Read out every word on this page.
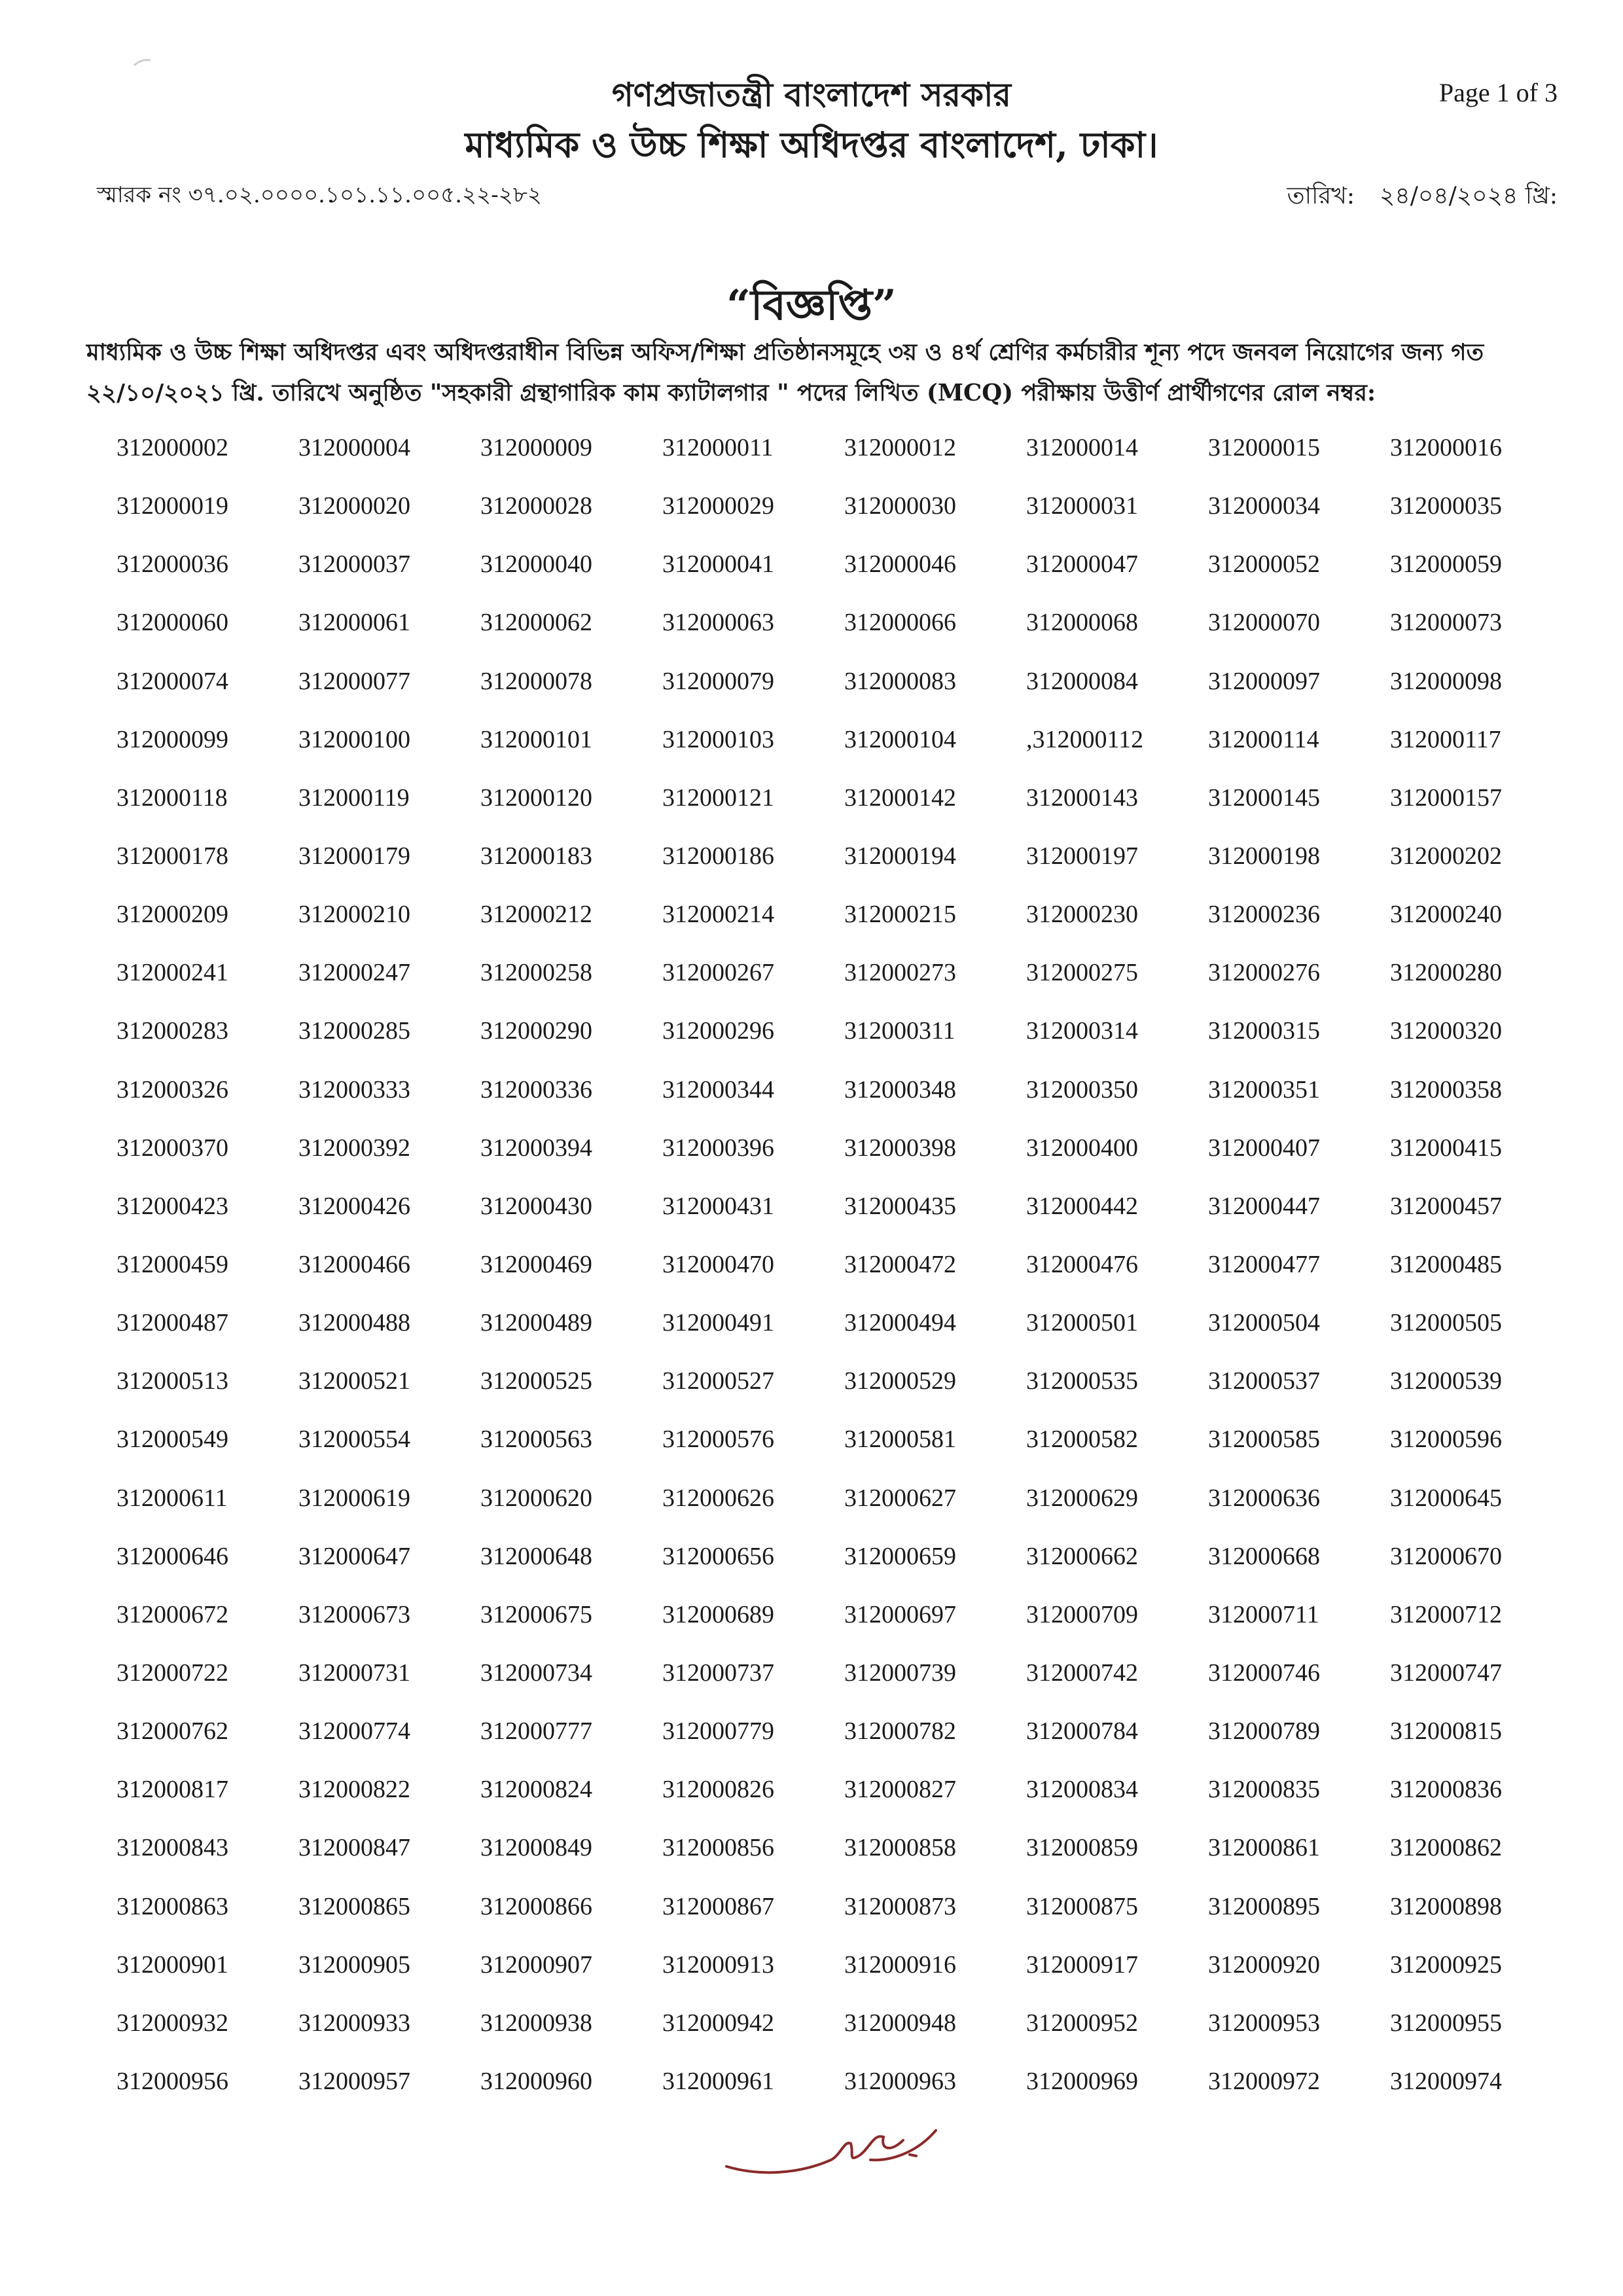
Page 1 of 3
গণপ্রজাতন্ত্রী বাংলাদেশ সরকার
মাধ্যমিক ও উচ্চ শিক্ষা অধিদপ্তর বাংলাদেশ, ঢাকা।
স্মারক নং ৩৭.০২.০০০০.১০১.১১.০০৫.২২-২৮২	তারিখ: ২৪/০৪/২০২৪ খ্রি:
“বিজ্ঞপ্তি”

মাধ্যমিক ও উচ্চ শিক্ষা অধিদপ্তর এবং অধিদপ্তরাধীন বিভিন্ন অফিস/শিক্ষা প্রতিষ্ঠানসমূহে ৩য় ও ৪র্থ শ্রেণির কর্মচারীর শূন্য পদে জনবল নিয়োগের জন্য গত

২২/১০/২০২১ খ্রি. তারিখে অনুষ্ঠিত "সহকারী গ্রন্থাগারিক কাম ক্যাটালগার " পদের লিখিত (MCQ) পরীক্ষায় উত্তীর্ণ প্রার্থীগণের রোল নম্বর:

312000002	312000004	312000009	312000011	312000012	312000014	312000015	312000016
312000019	312000020	312000028	312000029	312000030	312000031	312000034	312000035
312000036	312000037	312000040	312000041	312000046	312000047	312000052	312000059
312000060	312000061	312000062	312000063	312000066	312000068	312000070	312000073
312000074	312000077	312000078	312000079	312000083	312000084	312000097	312000098
312000099	312000100	312000101	312000103	312000104	,312000112	312000114	312000117
312000118	312000119	312000120	312000121	312000142	312000143	312000145	312000157
312000178	312000179	312000183	312000186	312000194	312000197	312000198	312000202
312000209	312000210	312000212	312000214	312000215	312000230	312000236	312000240
312000241	312000247	312000258	312000267	312000273	312000275	312000276	312000280
312000283	312000285	312000290	312000296	312000311	312000314	312000315	312000320
312000326	312000333	312000336	312000344	312000348	312000350	312000351	312000358
312000370	312000392	312000394	312000396	312000398	312000400	312000407	312000415
312000423	312000426	312000430	312000431	312000435	312000442	312000447	312000457
312000459	312000466	312000469	312000470	312000472	312000476	312000477	312000485
312000487	312000488	312000489	312000491	312000494	312000501	312000504	312000505
312000513	312000521	312000525	312000527	312000529	312000535	312000537	312000539
312000549	312000554	312000563	312000576	312000581	312000582	312000585	312000596
312000611	312000619	312000620	312000626	312000627	312000629	312000636	312000645
312000646	312000647	312000648	312000656	312000659	312000662	312000668	312000670
312000672	312000673	312000675	312000689	312000697	312000709	312000711	312000712
312000722	312000731	312000734	312000737	312000739	312000742	312000746	312000747
312000762	312000774	312000777	312000779	312000782	312000784	312000789	312000815
312000817	312000822	312000824	312000826	312000827	312000834	312000835	312000836
312000843	312000847	312000849	312000856	312000858	312000859	312000861	312000862
312000863	312000865	312000866	312000867	312000873	312000875	312000895	312000898
312000901	312000905	312000907	312000913	312000916	312000917	312000920	312000925
312000932	312000933	312000938	312000942	312000948	312000952	312000953	312000955
312000956	312000957	312000960	312000961	312000963	312000969	312000972	312000974
